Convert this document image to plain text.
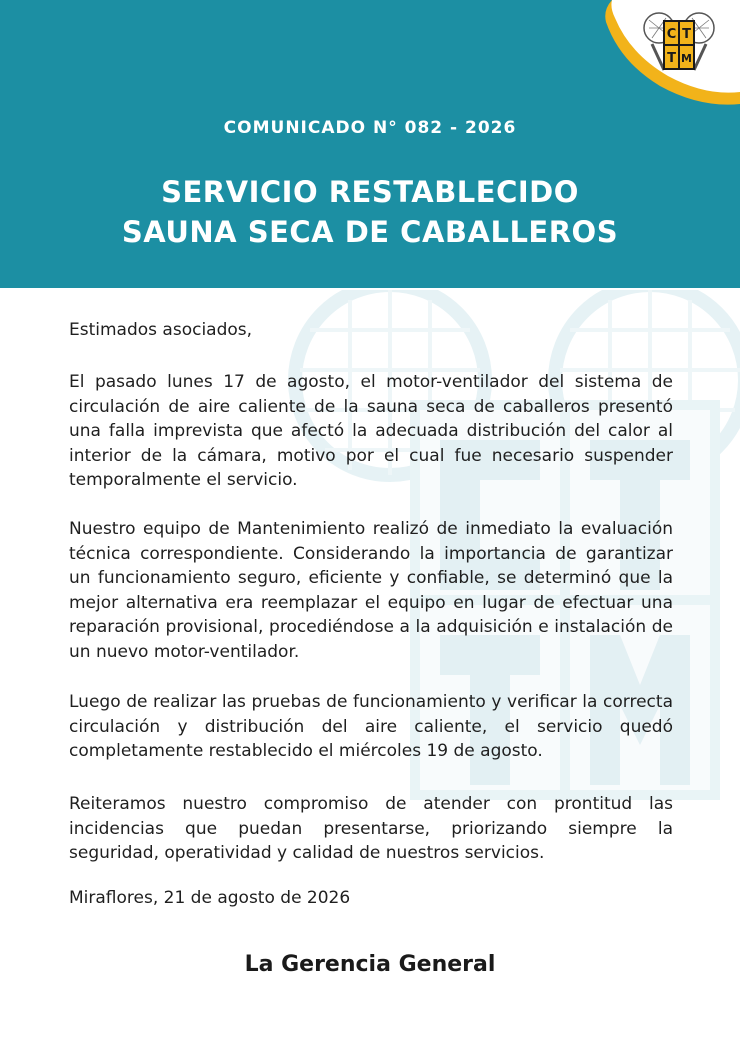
C T
T M

COMUNICADO N° 082 - 2026

SERVICIO RESTABLECIDO
SAUNA SECA DE CABALLEROS

Estimados asociados,

El pasado lunes 17 de agosto, el motor-ventilador del sistema de circulación de aire caliente de la sauna seca de caballeros presentó una falla imprevista que afectó la adecuada distribución del calor al interior de la cámara, motivo por el cual fue necesario suspender temporalmente el servicio.

Nuestro equipo de Mantenimiento realizó de inmediato la evaluación técnica correspondiente. Considerando la importancia de garantizar un funcionamiento seguro, eficiente y confiable, se determinó que la mejor alternativa era reemplazar el equipo en lugar de efectuar una reparación provisional, procediéndose a la adquisición e instalación de un nuevo motor-ventilador.

Luego de realizar las pruebas de funcionamiento y verificar la correcta circulación y distribución del aire caliente, el servicio quedó completamente restablecido el miércoles 19 de agosto.

Reiteramos nuestro compromiso de atender con prontitud las incidencias que puedan presentarse, priorizando siempre la seguridad, operatividad y calidad de nuestros servicios.

Miraflores, 21 de agosto de 2026

La Gerencia General
